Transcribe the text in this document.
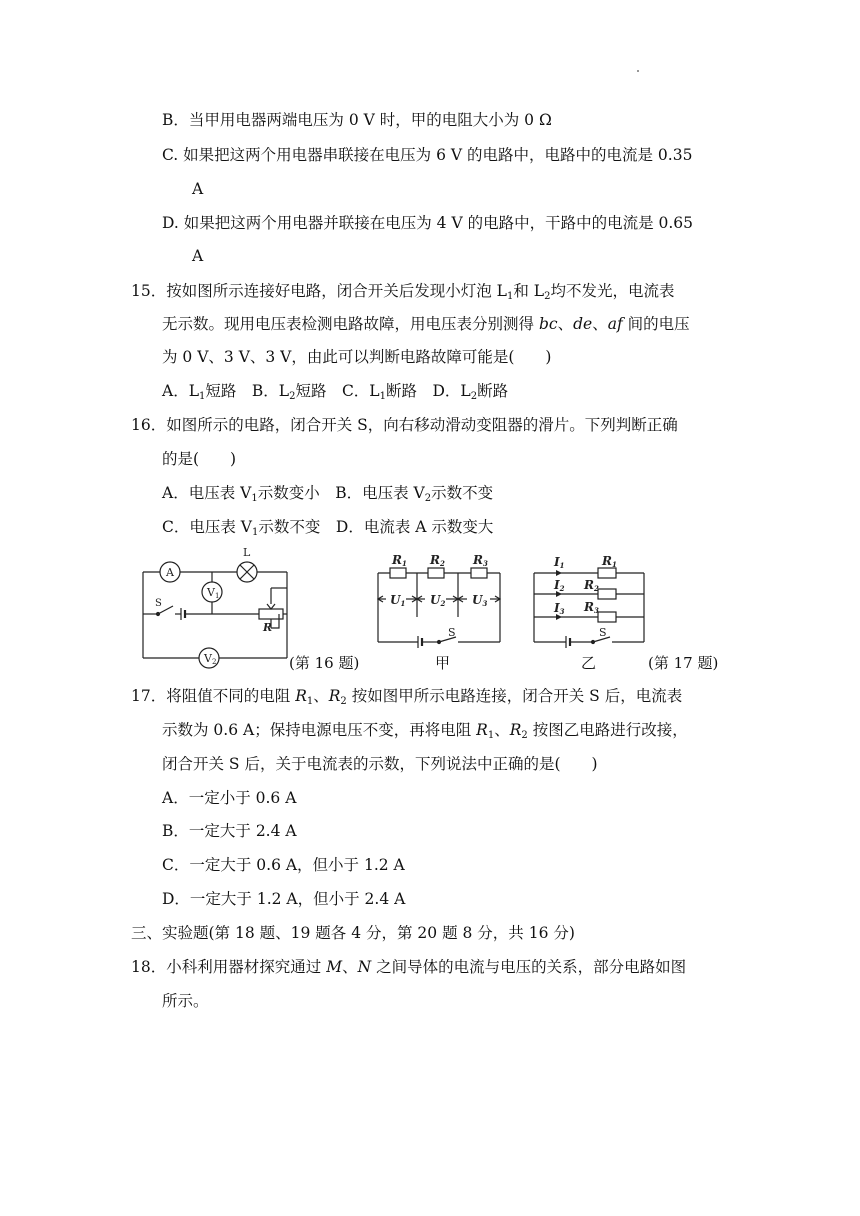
B．当甲用电器两端电压为 0 V 时，甲的电阻大小为 0 Ω
C. 如果把这两个用电器串联接在电压为 6 V 的电路中，电路中的电流是 0.35
A
D. 如果把这两个用电器并联接在电压为 4 V 的电路中，干路中的电流是 0.65
A
15．按如图所示连接好电路，闭合开关后发现小灯泡 $L_1$和 $L_2$均不发光，电流表
无示数。现用电压表检测电路故障，用电压表分别测得 bc、de、af 间的电压
为 0 V、3 V、3 V，由此可以判断电路故障可能是(　　)
A．$L_1$短路　B．$L_2$短路　C．$L_1$断路　D．$L_2$断路
16．如图所示的电路，闭合开关 S，向右移动滑动变阻器的滑片。下列判断正确
的是(　　)
A．电压表 $V_1$示数变小　 B．电压表 $V_2$示数不变
C．电压表 $V_1$示数不变　 D．电流表 A 示数变大
A
L
V1
S
R
V2	(第 16 题)
R1 R2 R3
U1 U2 U3
S
甲
I1
I2
I3
R1
R2
R3
S
乙	(第 17 题)
17．将阻值不同的电阻 $R_1$、$R_2$ 按如图甲所示电路连接，闭合开关 S 后，电流表
示数为 0.6 A；保持电源电压不变，再将电阻 $R_1$、$R_2$ 按图乙电路进行改接，
闭合开关 S 后，关于电流表的示数，下列说法中正确的是(　　)
A．一定小于 0.6 A
B．一定大于 2.4 A
C．一定大于 0.6 A，但小于 1.2 A
D．一定大于 1.2 A，但小于 2.4 A
三、实验题(第 18 题、19 题各 4 分，第 20 题 8 分，共 16 分)
18．小科利用器材探究通过 M、N 之间导体的电流与电压的关系，部分电路如图
所示。
